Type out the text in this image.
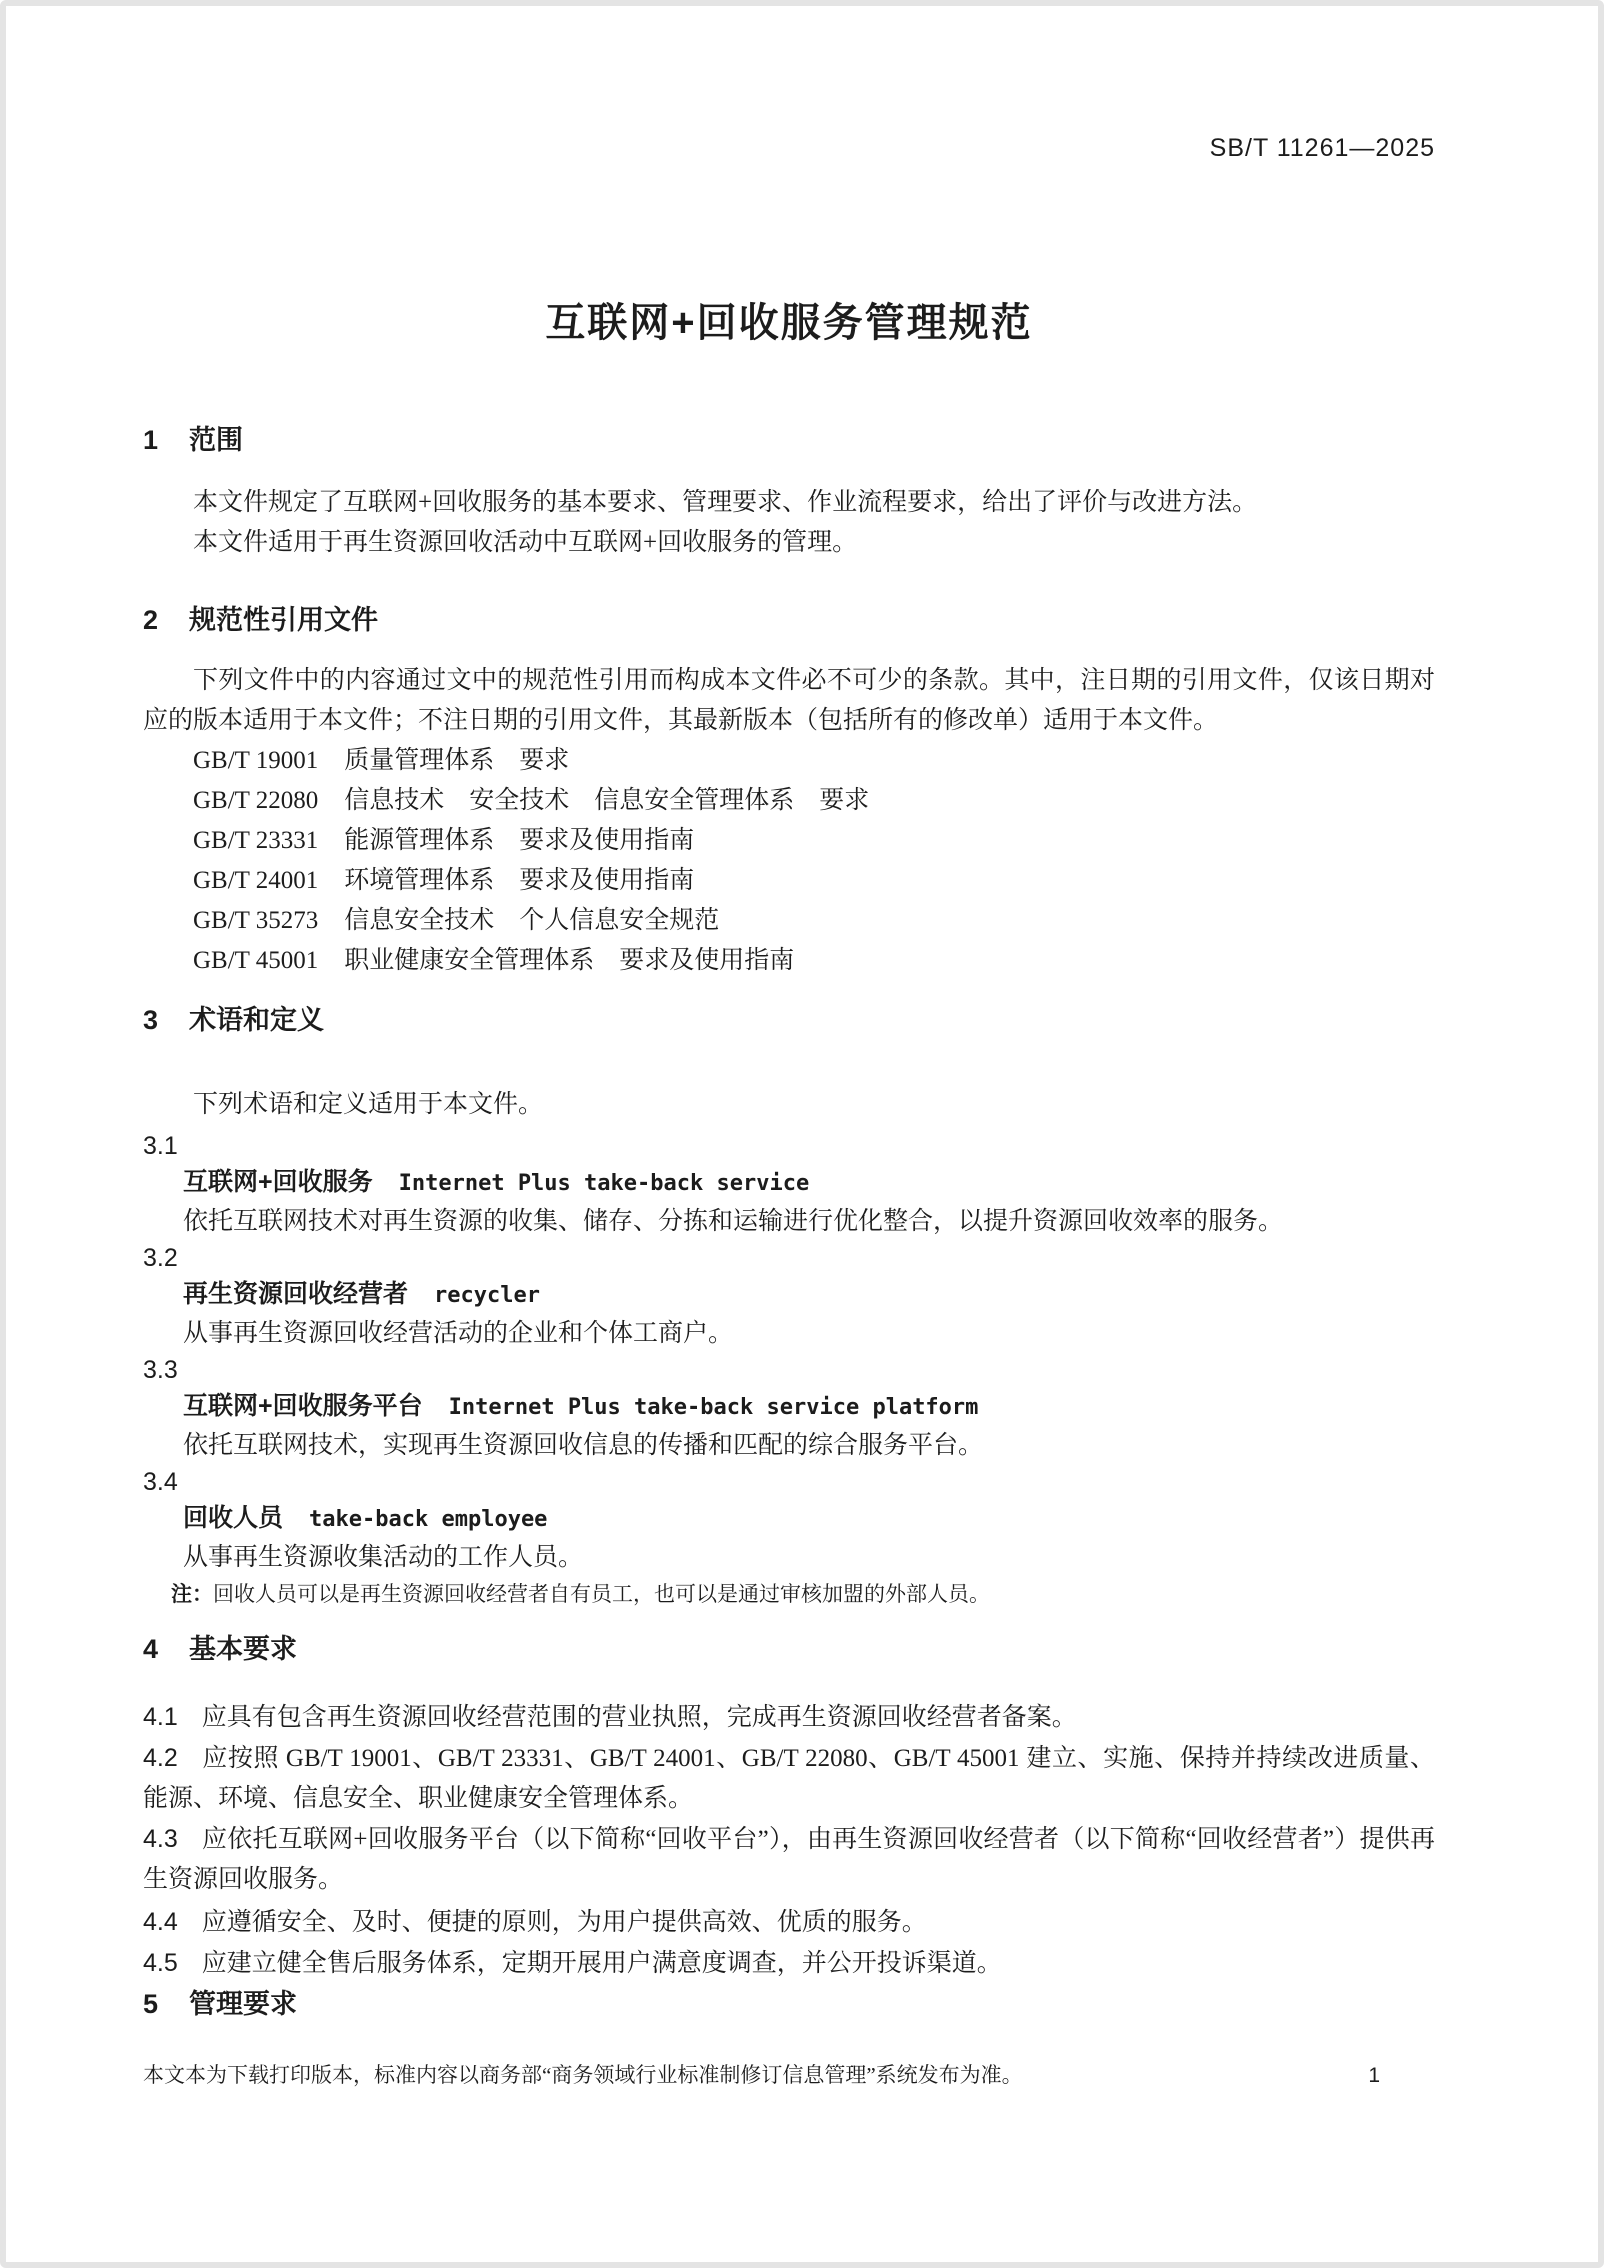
SB/T 11261—2025
互联网+回收服务管理规范
1 范围

本文件规定了互联网+回收服务的基本要求、管理要求、作业流程要求，给出了评价与改进方法。

本文件适用于再生资源回收活动中互联网+回收服务的管理。

2 规范性引用文件

下列文件中的内容通过文中的规范性引用而构成本文件必不可少的条款。其中，注日期的引用文件，仅该日期对应的版本适用于本文件；不注日期的引用文件，其最新版本（包括所有的修改单）适用于本文件。

GB/T 19001 质量管理体系　要求
GB/T 22080 信息技术　安全技术　信息安全管理体系　要求
GB/T 23331 能源管理体系　要求及使用指南
GB/T 24001 环境管理体系　要求及使用指南
GB/T 35273 信息安全技术　个人信息安全规范
GB/T 45001 职业健康安全管理体系　要求及使用指南
3 术语和定义

下列术语和定义适用于本文件。

3.1
互联网+回收服务 Internet Plus take-back service

依托互联网技术对再生资源的收集、储存、分拣和运输进行优化整合，以提升资源回收效率的服务。

3.2
再生资源回收经营者 recycler

从事再生资源回收经营活动的企业和个体工商户。

3.3
互联网+回收服务平台 Internet Plus take-back service platform

依托互联网技术，实现再生资源回收信息的传播和匹配的综合服务平台。

3.4
回收人员 take-back employee

从事再生资源收集活动的工作人员。

注：回收人员可以是再生资源回收经营者自有员工，也可以是通过审核加盟的外部人员。

4 基本要求

4.1 应具有包含再生资源回收经营范围的营业执照，完成再生资源回收经营者备案。

4.2 应按照 GB/T 19001、GB/T 23331、GB/T 24001、GB/T 22080、GB/T 45001 建立、实施、保持并持续改进质量、能源、环境、信息安全、职业健康安全管理体系。

4.3 应依托互联网+回收服务平台（以下简称“回收平台”），由再生资源回收经营者（以下简称“回收经营者”）提供再生资源回收服务。

4.4 应遵循安全、及时、便捷的原则，为用户提供高效、优质的服务。

4.5 应建立健全售后服务体系，定期开展用户满意度调查，并公开投诉渠道。

5 管理要求
本文本为下载打印版本，标准内容以商务部“商务领域行业标准制修订信息管理”系统发布为准。	1
